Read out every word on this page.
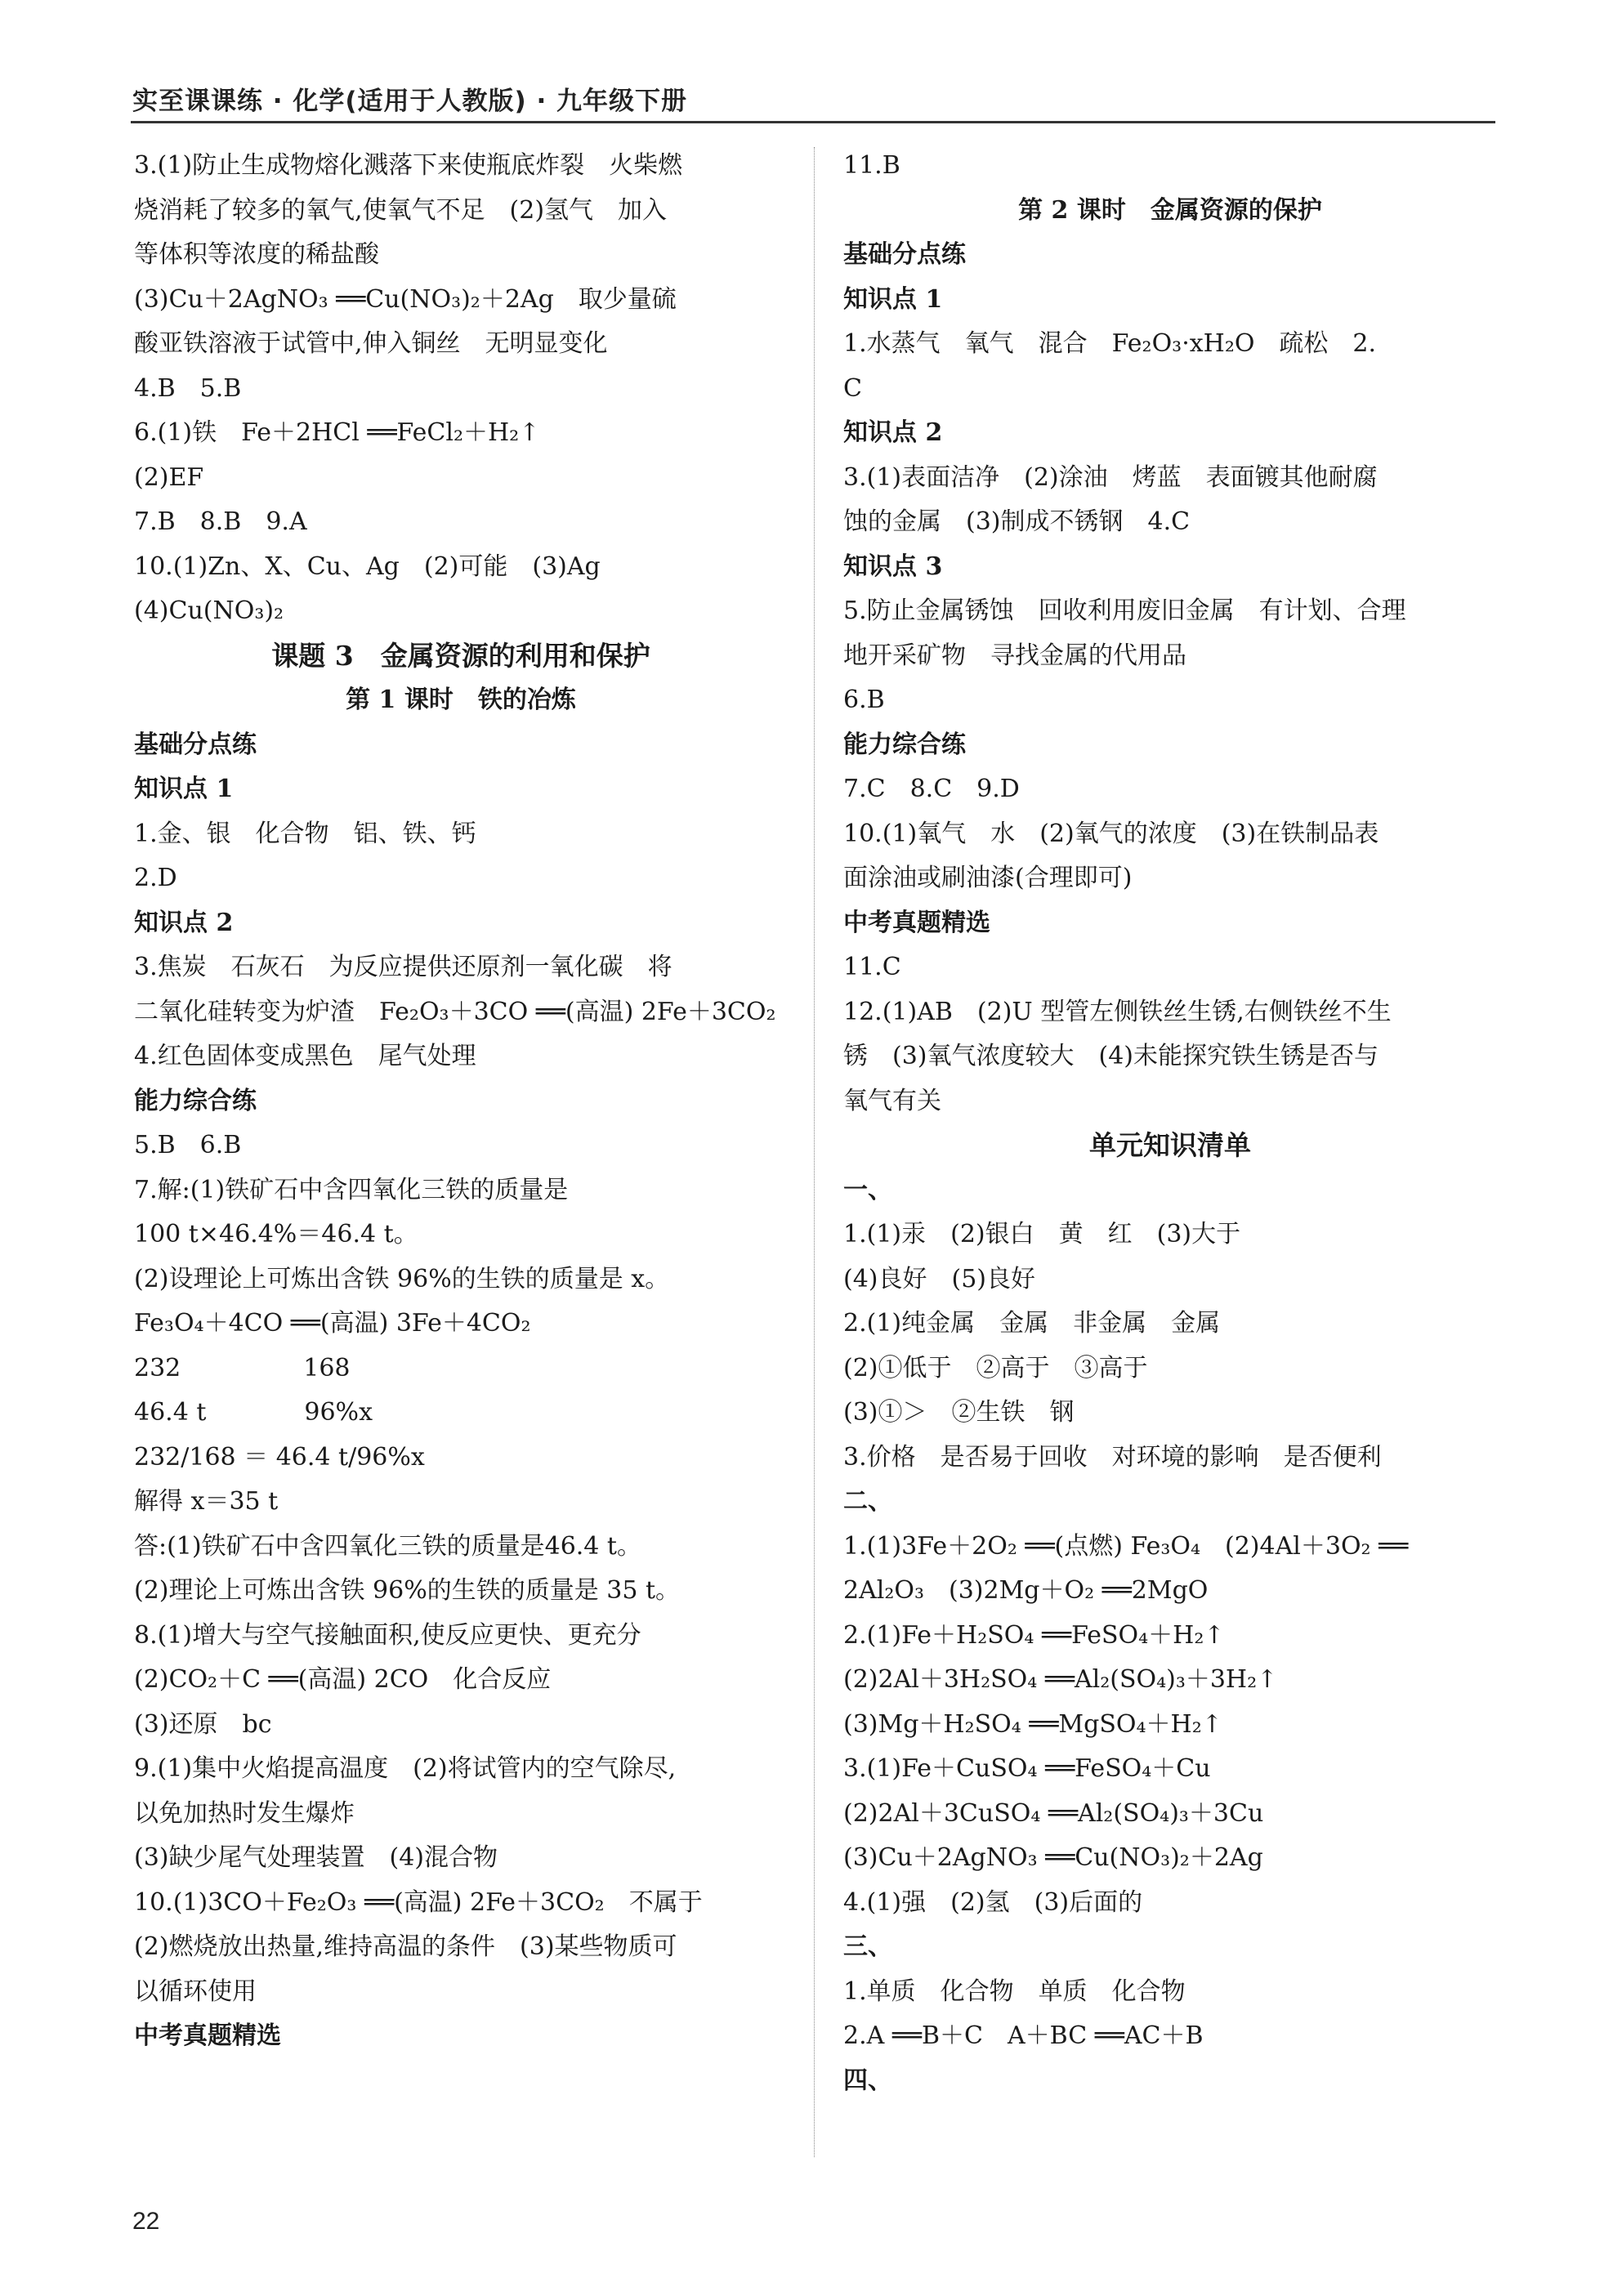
实至课课练 · 化学(适用于人教版) · 九年级下册
3.(1)防止生成物熔化溅落下来使瓶底炸裂　火柴燃
烧消耗了较多的氧气,使氧气不足　(2)氢气　加入
等体积等浓度的稀盐酸
(3)Cu＋2AgNO₃ ══Cu(NO₃)₂＋2Ag　取少量硫
酸亚铁溶液于试管中,伸入铜丝　无明显变化
4.B　5.B
6.(1)铁　Fe＋2HCl ══FeCl₂＋H₂↑
(2)EF
7.B　8.B　9.A
10.(1)Zn、X、Cu、Ag　(2)可能　(3)Ag
(4)Cu(NO₃)₂
课题 3　金属资源的利用和保护
第 1 课时　铁的冶炼
基础分点练
知识点 1
1.金、银　化合物　铝、铁、钙
2.D
知识点 2
3.焦炭　石灰石　为反应提供还原剂一氧化碳　将
二氧化硅转变为炉渣　Fe₂O₃＋3CO ══(高温) 2Fe＋3CO₂
4.红色固体变成黑色　尾气处理
能力综合练
5.B　6.B
7.解:(1)铁矿石中含四氧化三铁的质量是
100 t×46.4%＝46.4 t。
(2)设理论上可炼出含铁 96%的生铁的质量是 x。
Fe₃O₄＋4CO ══(高温) 3Fe＋4CO₂
232　　　　　168
46.4 t　　　　96%x
232/168 ＝ 46.4 t/96%x
解得 x＝35 t
答:(1)铁矿石中含四氧化三铁的质量是46.4 t。
(2)理论上可炼出含铁 96%的生铁的质量是 35 t。
8.(1)增大与空气接触面积,使反应更快、更充分
(2)CO₂＋C ══(高温) 2CO　化合反应
(3)还原　bc
9.(1)集中火焰提高温度　(2)将试管内的空气除尽,
以免加热时发生爆炸
(3)缺少尾气处理装置　(4)混合物
10.(1)3CO＋Fe₂O₃ ══(高温) 2Fe＋3CO₂　不属于
(2)燃烧放出热量,维持高温的条件　(3)某些物质可
以循环使用
中考真题精选
11.B
第 2 课时　金属资源的保护
基础分点练
知识点 1
1.水蒸气　氧气　混合　Fe₂O₃·xH₂O　疏松　2.
C
知识点 2
3.(1)表面洁净　(2)涂油　烤蓝　表面镀其他耐腐
蚀的金属　(3)制成不锈钢　4.C
知识点 3
5.防止金属锈蚀　回收利用废旧金属　有计划、合理
地开采矿物　寻找金属的代用品
6.B
能力综合练
7.C　8.C　9.D
10.(1)氧气　水　(2)氧气的浓度　(3)在铁制品表
面涂油或刷油漆(合理即可)
中考真题精选
11.C
12.(1)AB　(2)U 型管左侧铁丝生锈,右侧铁丝不生
锈　(3)氧气浓度较大　(4)未能探究铁生锈是否与
氧气有关
单元知识清单
一、
1.(1)汞　(2)银白　黄　红　(3)大于
(4)良好　(5)良好
2.(1)纯金属　金属　非金属　金属
(2)①低于　②高于　③高于
(3)①＞　②生铁　钢
3.价格　是否易于回收　对环境的影响　是否便利
二、
1.(1)3Fe＋2O₂ ══(点燃) Fe₃O₄　(2)4Al＋3O₂ ══
2Al₂O₃　(3)2Mg＋O₂ ══2MgO
2.(1)Fe＋H₂SO₄ ══FeSO₄＋H₂↑
(2)2Al＋3H₂SO₄ ══Al₂(SO₄)₃＋3H₂↑
(3)Mg＋H₂SO₄ ══MgSO₄＋H₂↑
3.(1)Fe＋CuSO₄ ══FeSO₄＋Cu
(2)2Al＋3CuSO₄ ══Al₂(SO₄)₃＋3Cu
(3)Cu＋2AgNO₃ ══Cu(NO₃)₂＋2Ag
4.(1)强　(2)氢　(3)后面的
三、
1.单质　化合物　单质　化合物
2.A ══B＋C　A＋BC ══AC＋B
四、
22
